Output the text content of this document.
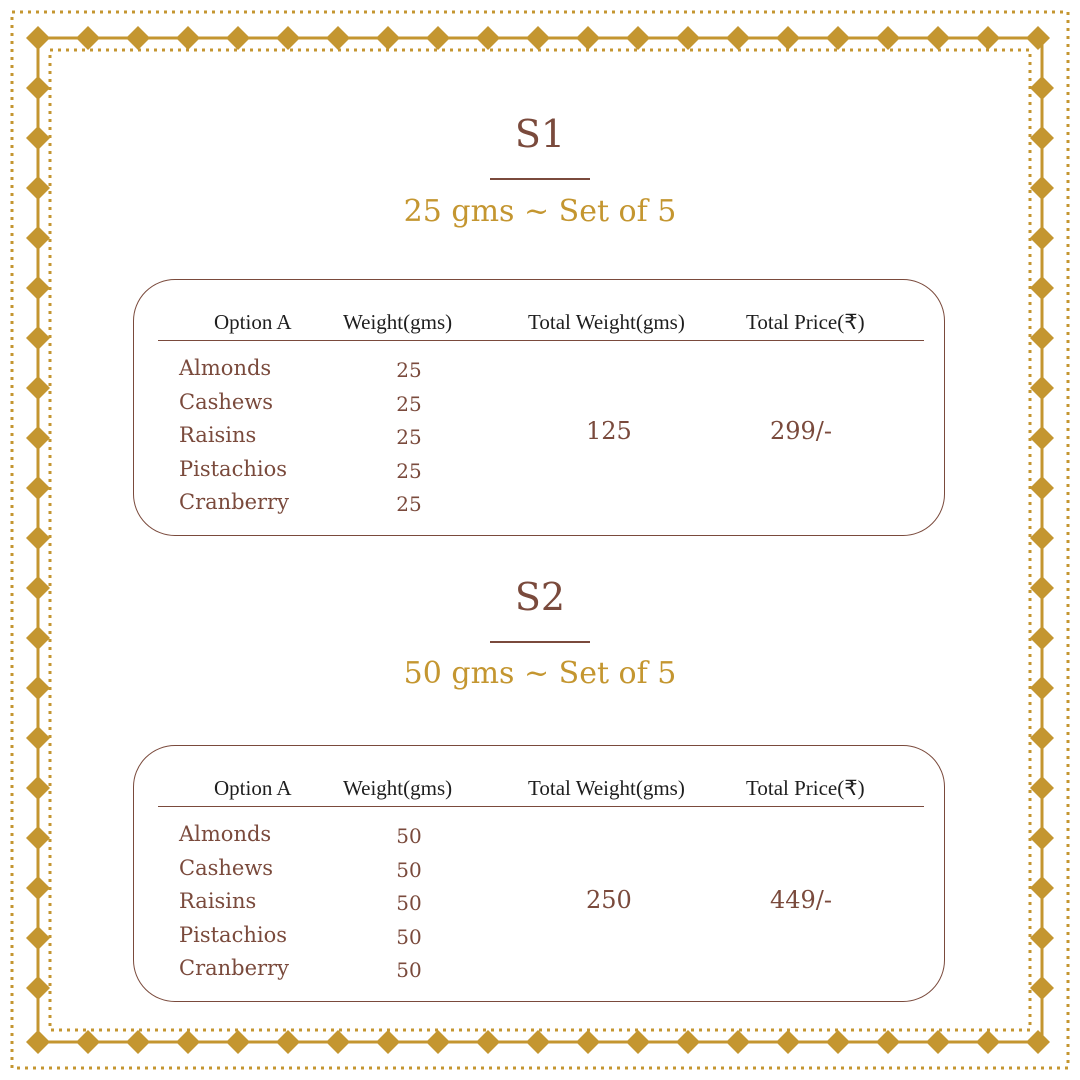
S1
25 gms ~ Set of 5
Option A Weight(gms)	Total Weight(gms)	Total Price(₹)
Almonds	25
Cashews	25
Raisins	25
Pistachios	25
Cranberry	25
125	299/-
S2
50 gms ~ Set of 5
Option A Weight(gms)	Total Weight(gms)	Total Price(₹)
Almonds	50
Cashews	50
Raisins	50
Pistachios	50
Cranberry	50
250	449/-
